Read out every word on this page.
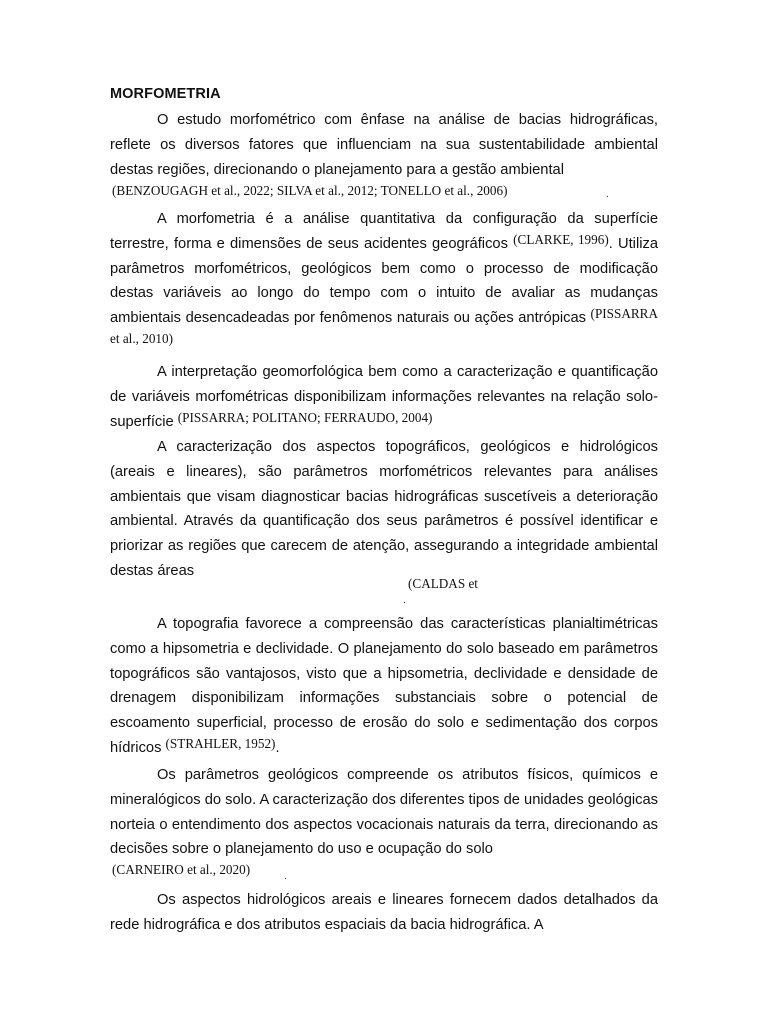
MORFOMETRIA

O estudo morfométrico com ênfase na análise de bacias hidrográficas, reflete os diversos fatores que influenciam na sua sustentabilidade ambiental destas regiões, direcionando o planejamento para a gestão ambiental

(BENZOUGAGH et al., 2022; SILVA et al., 2012; TONELLO et al., 2006)	.

A morfometria é a análise quantitativa da configuração da superfície terrestre, forma e dimensões de seus acidentes geográficos (CLARKE, 1996). Utiliza parâmetros morfométricos, geológicos bem como o processo de modificação destas variáveis ao longo do tempo com o intuito de avaliar as mudanças ambientais desencadeadas por fenômenos naturais ou ações antrópicas (PISSARRA et al., 2010)

A interpretação geomorfológica bem como a caracterização e quantificação de variáveis morfométricas disponibilizam informações relevantes na relação solo-superfície (PISSARRA; POLITANO; FERRAUDO, 2004)

A caracterização dos aspectos topográficos, geológicos e hidrológicos (areais e lineares), são parâmetros morfométricos relevantes para análises ambientais que visam diagnosticar bacias hidrográficas suscetíveis a deterioração ambiental. Através da quantificação dos seus parâmetros é possível identificar e priorizar as regiões que carecem de atenção, assegurando a integridade ambiental destas áreas

(CALDAS et
.

A topografia favorece a compreensão das características planialtimétricas como a hipsometria e declividade. O planejamento do solo baseado em parâmetros topográficos são vantajosos, visto que a hipsometria, declividade e densidade de drenagem disponibilizam informações substanciais sobre o potencial de escoamento superficial, processo de erosão do solo e sedimentação dos corpos hídricos (STRAHLER, 1952).

Os parâmetros geológicos compreende os atributos físicos, químicos e mineralógicos do solo. A caracterização dos diferentes tipos de unidades geológicas norteia o entendimento dos aspectos vocacionais naturais da terra, direcionando as decisões sobre o planejamento do uso e ocupação do solo

(CARNEIRO et al., 2020)	.

Os aspectos hidrológicos areais e lineares fornecem dados detalhados da rede hidrográfica e dos atributos espaciais da bacia hidrográfica. A
